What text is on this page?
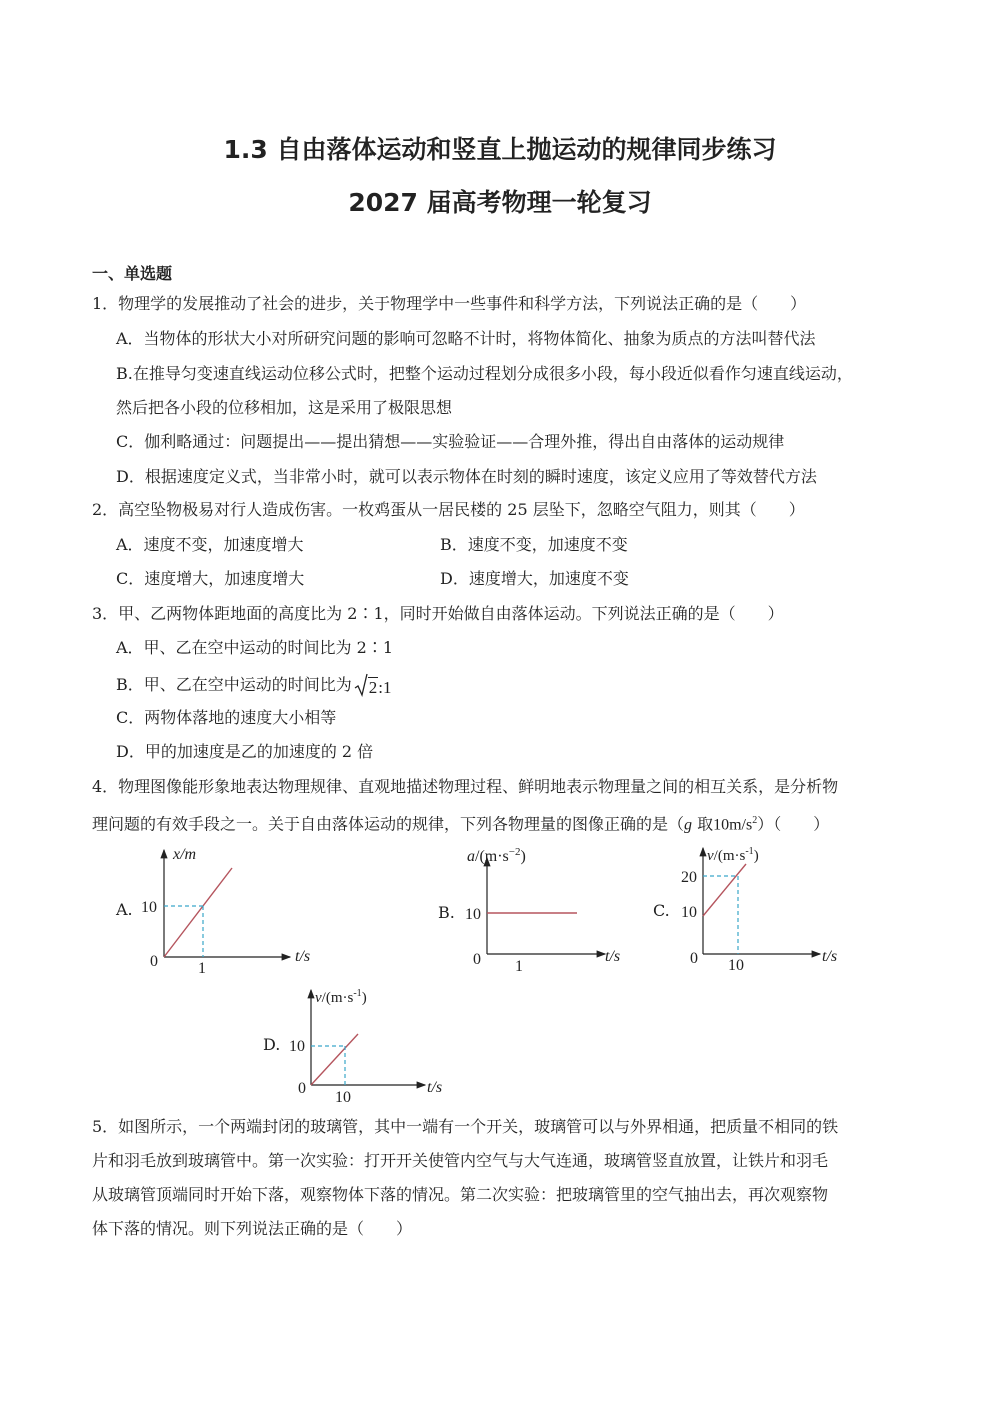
1.3 自由落体运动和竖直上抛运动的规律同步练习
2027 届高考物理一轮复习
一、单选题
1．物理学的发展推动了社会的进步，关于物理学中一些事件和科学方法，下列说法正确的是（　　）
A．当物体的形状大小对所研究问题的影响可忽略不计时，将物体简化、抽象为质点的方法叫替代法
B.在推导匀变速直线运动位移公式时，把整个运动过程划分成很多小段，每小段近似看作匀速直线运动，
然后把各小段的位移相加，这是采用了极限思想
C．伽利略通过：问题提出——提出猜想——实验验证——合理外推，得出自由落体的运动规律
D．根据速度定义式，当非常小时，就可以表示物体在时刻的瞬时速度，该定义应用了等效替代方法
2．高空坠物极易对行人造成伤害。一枚鸡蛋从一居民楼的 25 层坠下，忽略空气阻力，则其（　　）
A．速度不变，加速度增大	B．速度不变，加速度不变
C．速度增大，加速度增大	D．速度增大，加速度不变
3．甲、乙两物体距地面的高度比为 2∶1，同时开始做自由落体运动。下列说法正确的是（　　）
A．甲、乙在空中运动的时间比为 2∶1
B．甲、乙在空中运动的时间比为 2 :1
C．两物体落地的速度大小相等
D．甲的加速度是乙的加速度的 2 倍
4．物理图像能形象地表达物理规律、直观地描述物理过程、鲜明地表示物理量之间的相互关系，是分析物
理问题的有效手段之一。关于自由落体运动的规律，下列各物理量的图像正确的是（g 取$10m/s^2$）（　　）
A.
x/m
t/s
0
10
1
B.
$a/(m\cdot s^{-2})$
t/s
0
10
1
C.
$v/(m\cdot s^{-1})$
t/s
0
10
20
10
D.
$v/(m\cdot s^{-1})$
t/s
0
10
10
5．如图所示，一个两端封闭的玻璃管，其中一端有一个开关，玻璃管可以与外界相通，把质量不相同的铁
片和羽毛放到玻璃管中。第一次实验：打开开关使管内空气与大气连通，玻璃管竖直放置，让铁片和羽毛
从玻璃管顶端同时开始下落，观察物体下落的情况。第二次实验：把玻璃管里的空气抽出去，再次观察物
体下落的情况。则下列说法正确的是（　　）
